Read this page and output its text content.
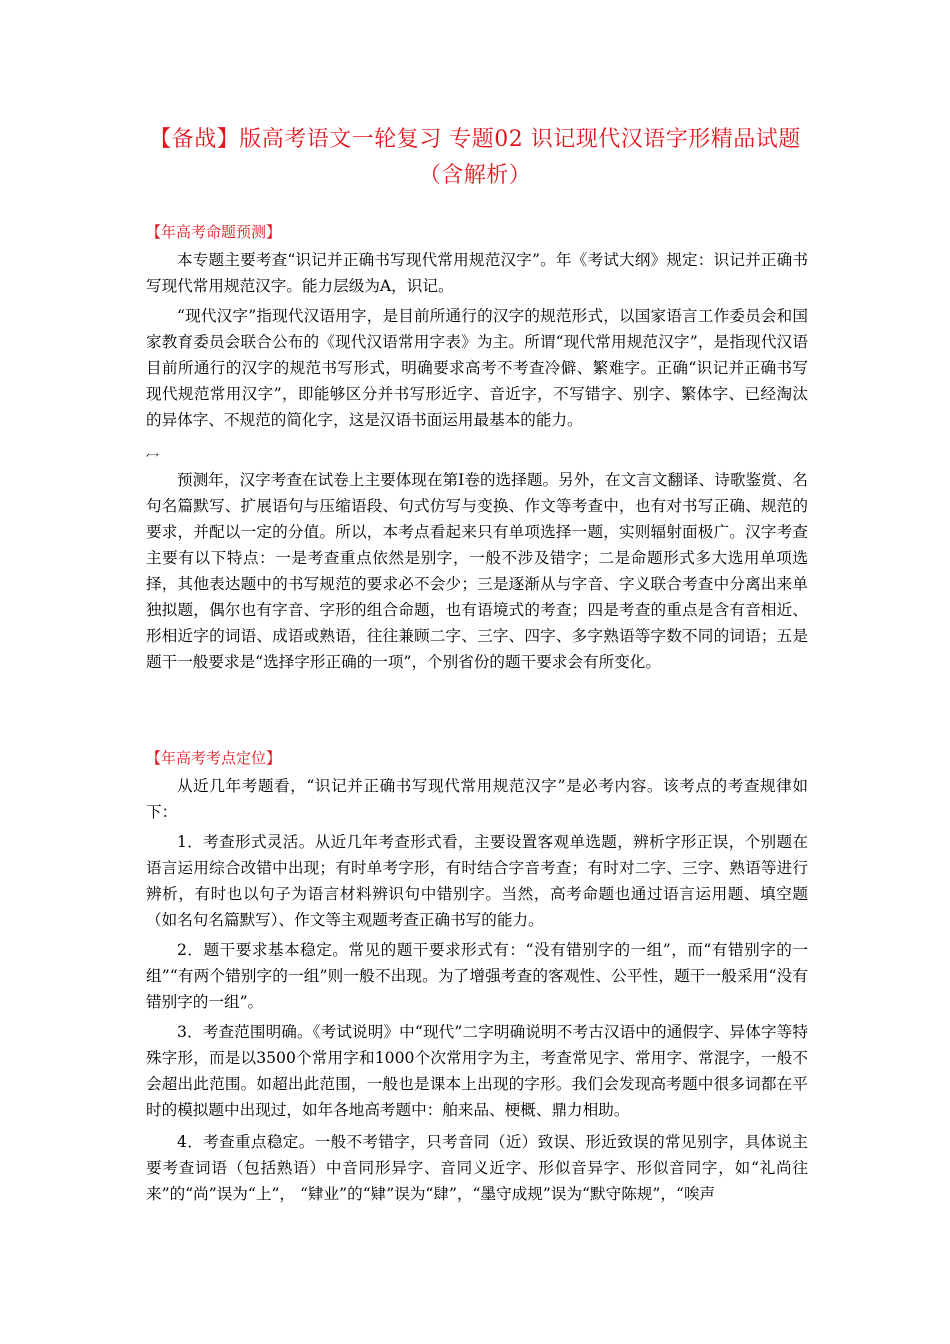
【备战】版高考语文一轮复习 专题02 识记现代汉语字形精品试题
（含解析）
【年高考命题预测】

本专题主要考查“识记并正确书写现代常用规范汉字”。年《考试大纲》规定：识记并正确书写现代常用规范汉字。能力层级为A，识记。

“现代汉字”指现代汉语用字，是目前所通行的汉字的规范形式，以国家语言工作委员会和国家教育委员会联合公布的《现代汉语常用字表》为主。所谓“现代常用规范汉字”，是指现代汉语目前所通行的汉字的规范书写形式，明确要求高考不考查冷僻、繁难字。正确“识记并正确书写现代规范常用汉字”，即能够区分并书写形近字、音近字，不写错字、别字、繁体字、已经淘汰的异体字、不规范的简化字，这是汉语书面运用最基本的能力。

冖

预测年，汉字考查在试卷上主要体现在第Ⅰ卷的选择题。另外，在文言文翻译、诗歌鉴赏、名句名篇默写、扩展语句与压缩语段、句式仿写与变换、作文等考查中，也有对书写正确、规范的要求，并配以一定的分值。所以，本考点看起来只有单项选择一题，实则辐射面极广。汉字考查主要有以下特点：一是考查重点依然是别字，一般不涉及错字；二是命题形式多大选用单项选择，其他表达题中的书写规范的要求必不会少；三是逐渐从与字音、字义联合考查中分离出来单独拟题，偶尔也有字音、字形的组合命题，也有语境式的考查；四是考查的重点是含有音相近、形相近字的词语、成语或熟语，往往兼顾二字、三字、四字、多字熟语等字数不同的词语；五是题干一般要求是“选择字形正确的一项”，个别省份的题干要求会有所变化。

【年高考考点定位】

从近几年考题看，“识记并正确书写现代常用规范汉字”是必考内容。该考点的考查规律如下：

1．考查形式灵活。从近几年考查形式看，主要设置客观单选题，辨析字形正误，个别题在语言运用综合改错中出现；有时单考字形，有时结合字音考查；有时对二字、三字、熟语等进行辨析，有时也以句子为语言材料辨识句中错别字。当然，高考命题也通过语言运用题、填空题（如名句名篇默写）、作文等主观题考查正确书写的能力。

2．题干要求基本稳定。常见的题干要求形式有：“没有错别字的一组”，而“有错别字的一组”“有两个错别字的一组”则一般不出现。为了增强考查的客观性、公平性，题干一般采用“没有错别字的一组”。

3．考查范围明确。《考试说明》中“现代”二字明确说明不考古汉语中的通假字、异体字等特殊字形，而是以3500个常用字和1000个次常用字为主，考查常见字、常用字、常混字，一般不会超出此范围。如超出此范围，一般也是课本上出现的字形。我们会发现高考题中很多词都在平时的模拟题中出现过，如年各地高考题中：舶来品、梗概、鼎力相助。

4．考查重点稳定。一般不考错字，只考音同（近）致误、形近致误的常见别字，具体说主要考查词语（包括熟语）中音同形异字、音同义近字、形似音异字、形似音同字，如“礼尚往来”的“尚”误为“上”， “肄业”的“肄”误为“肆”，“墨守成规”误为“默守陈规”，“唉声
